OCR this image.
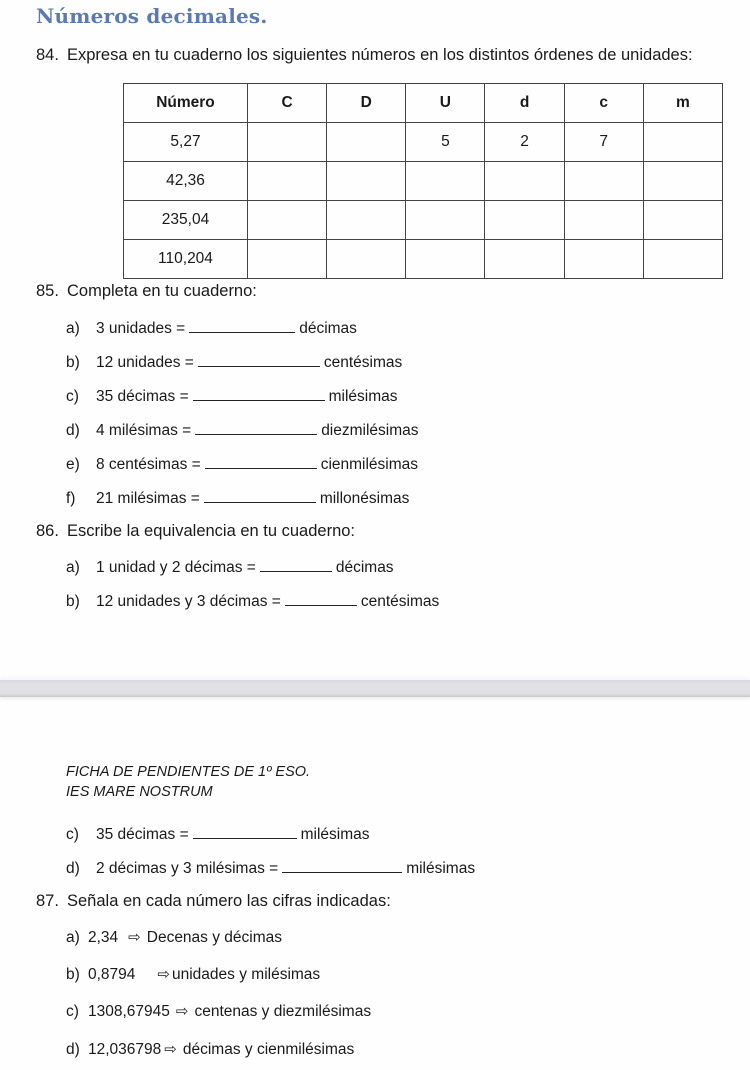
Números decimales.
84. Expresa en tu cuaderno los siguientes números en los distintos órdenes de unidades:
Número	C	D	U	d	c	m
5,27			5	2	7	
42,36						
235,04						
110,204						
85. Completa en tu cuaderno:
a) 3 unidades =	décimas
b) 12 unidades =	centésimas
c) 35 décimas =	milésimas
d) 4 milésimas =	diezmilésimas
e) 8 centésimas =	cienmilésimas
f) 21 milésimas =	millonésimas
86. Escribe la equivalencia en tu cuaderno:
a) 1 unidad y 2 décimas =	décimas
b) 12 unidades y 3 décimas =	centésimas
FICHA DE PENDIENTES DE 1º ESO.
IES MARE NOSTRUM
c) 35 décimas =	milésimas
d) 2 décimas y 3 milésimas =	milésimas
87. Señala en cada número las cifras indicadas:
a) 2,34 ⇨ Decenas y décimas
b) 0,8794 ⇨ unidades y milésimas
c) 1308,67945 ⇨ centenas y diezmilésimas
d) 12,036798 ⇨ décimas y cienmilésimas
